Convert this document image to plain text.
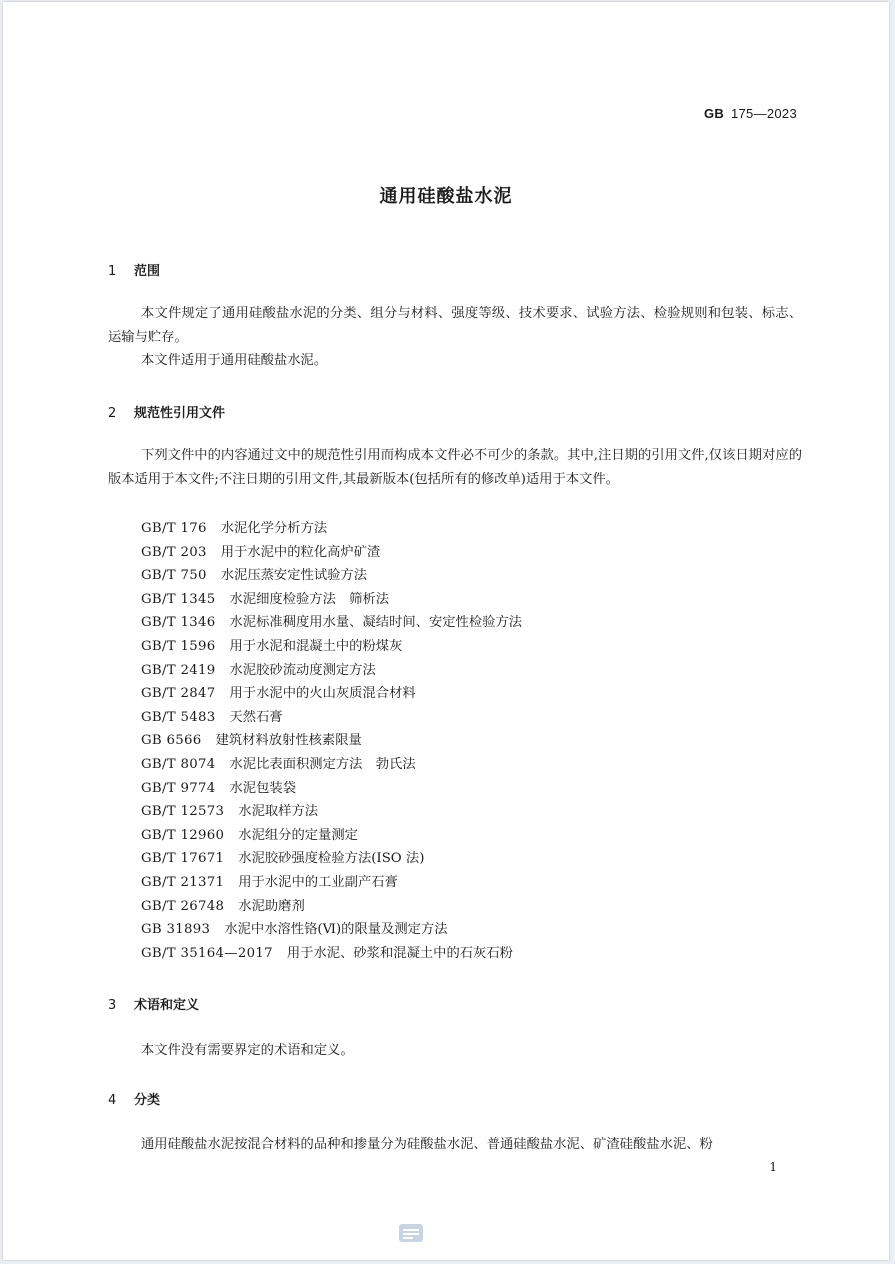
GB 175—2023
通用硅酸盐水泥
1 范围
本文件规定了通用硅酸盐水泥的分类、组分与材料、强度等级、技术要求、试验方法、检验规则和包装、标志、运输与贮存。
本文件适用于通用硅酸盐水泥。
2 规范性引用文件
下列文件中的内容通过文中的规范性引用而构成本文件必不可少的条款。其中,注日期的引用文件,仅该日期对应的版本适用于本文件;不注日期的引用文件,其最新版本(包括所有的修改单)适用于本文件。
GB/T 176 水泥化学分析方法
GB/T 203 用于水泥中的粒化高炉矿渣
GB/T 750 水泥压蒸安定性试验方法
GB/T 1345 水泥细度检验方法　筛析法
GB/T 1346 水泥标准稠度用水量、凝结时间、安定性检验方法
GB/T 1596 用于水泥和混凝土中的粉煤灰
GB/T 2419 水泥胶砂流动度测定方法
GB/T 2847 用于水泥中的火山灰质混合材料
GB/T 5483 天然石膏
GB 6566 建筑材料放射性核素限量
GB/T 8074 水泥比表面积测定方法　勃氏法
GB/T 9774 水泥包装袋
GB/T 12573 水泥取样方法
GB/T 12960 水泥组分的定量测定
GB/T 17671 水泥胶砂强度检验方法(ISO 法)
GB/T 21371 用于水泥中的工业副产石膏
GB/T 26748 水泥助磨剂
GB 31893 水泥中水溶性铬(Ⅵ)的限量及测定方法
GB/T 35164—2017 用于水泥、砂浆和混凝土中的石灰石粉
3 术语和定义
本文件没有需要界定的术语和定义。
4 分类
通用硅酸盐水泥按混合材料的品种和掺量分为硅酸盐水泥、普通硅酸盐水泥、矿渣硅酸盐水泥、粉
1
